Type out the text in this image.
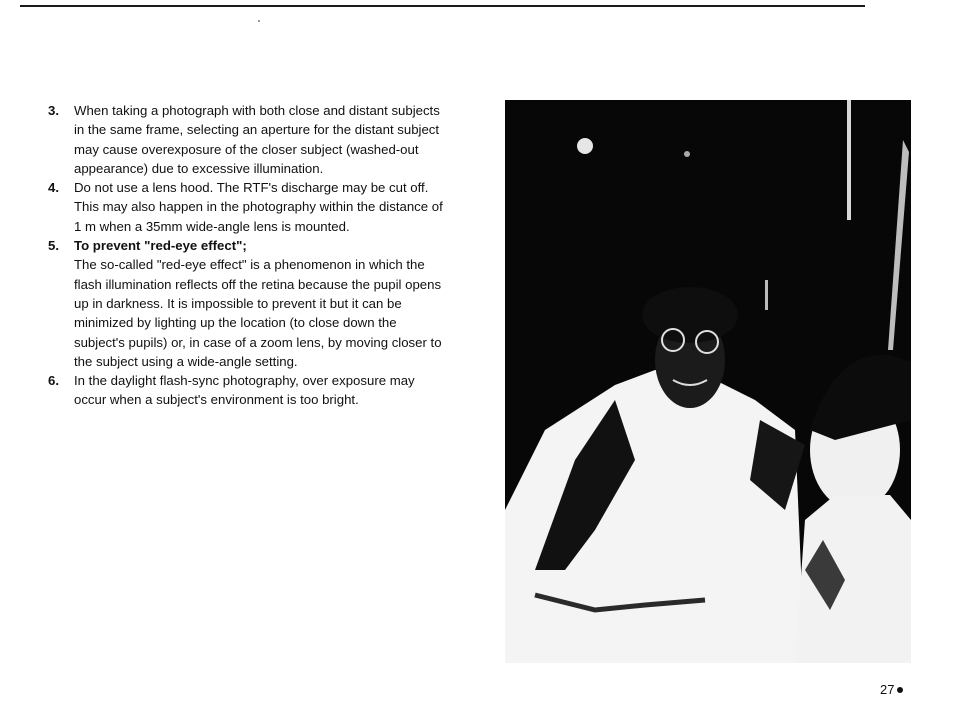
3. When taking a photograph with both close and distant subjects in the same frame, selecting an aperture for the distant subject may cause overexposure of the closer subject (washed-out appearance) due to excessive illumination.
4. Do not use a lens hood. The RTF's discharge may be cut off. This may also happen in the photography within the distance of 1 m when a 35mm wide-angle lens is mounted.
5. To prevent "red-eye effect";
The so-called "red-eye effect" is a phenomenon in which the flash illumination reflects off the retina because the pupil opens up in darkness. It is impossible to prevent it but it can be minimized by lighting up the location (to close down the subject's pupils) or, in case of a zoom lens, by moving closer to the subject using a wide-angle setting.
6. In the daylight flash-sync photography, over exposure may occur when a subject's environment is too bright.
27
